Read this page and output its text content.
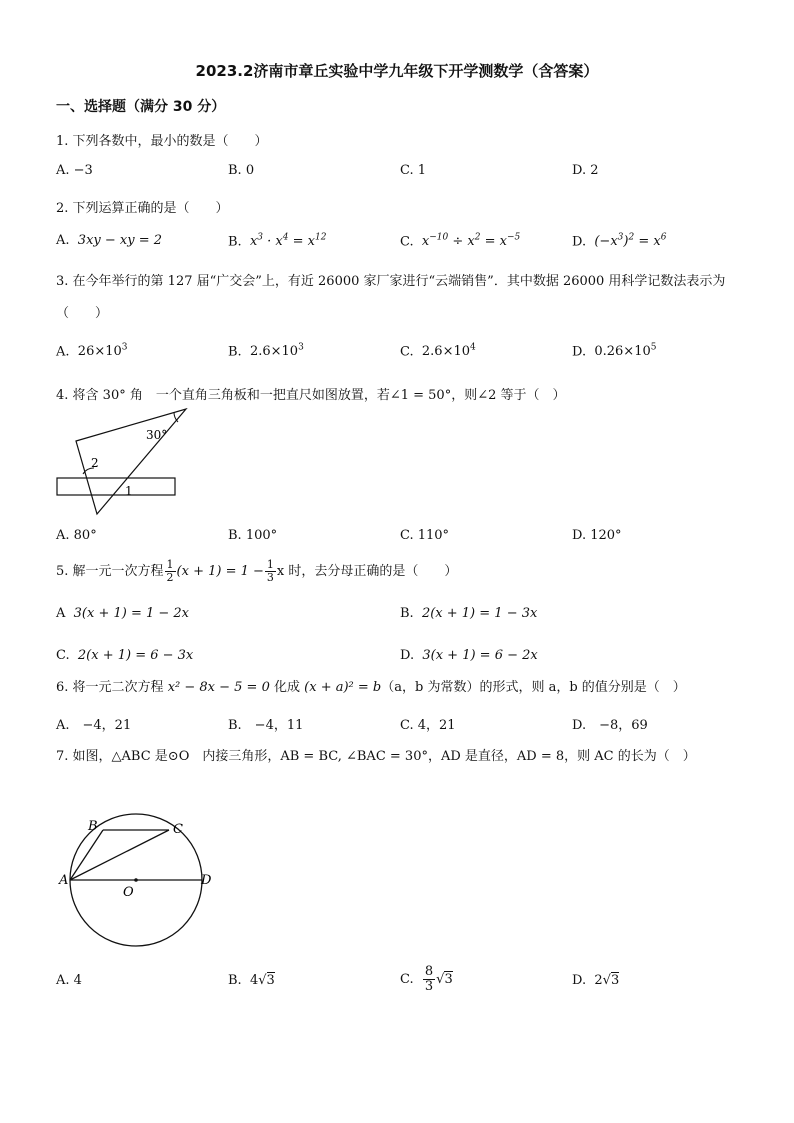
2023.2济南市章丘实验中学九年级下开学测数学（含答案）
一、选择题（满分 30 分）
1. 下列各数中，最小的数是（　　）
A. −3	B. 0	C. 1	D. 2
2. 下列运算正确的是（　　）
A. 3xy − xy = 2	B. $x^3 \cdot x^4 = x^{12}$	C. $x^{-10} \div x^2 = x^{-5}$	D. $(-x^3)^2 = x^6$
3. 在今年举行的第 127 届“广交会”上，有近 26000 家厂家进行“云端销售”．其中数据 26000 用科学记数法表示为（　　）
A. $26\times 10^3$	B. $2.6\times 10^3$	C. $2.6\times 10^4$	D. $0.26\times 10^5$
4. 将含 30° 角　一个直角三角板和一把直尺如图放置，若∠1 = 50°，则∠2 等于（　）
30°
2
1
A. 80°	B. 100°	C. 110°	D. 120°
5. 解一元一次方程 $\frac{1}{2} (x + 1) = 1 - \frac{1}{3}$ x 时，去分母正确的是（　　）
A 3(x + 1) = 1 − 2x	B. 2(x + 1) = 1 − 3x
C. 2(x + 1) = 6 − 3x	D. 3(x + 1) = 6 − 2x
6. 将一元二次方程 x² − 8x − 5 = 0 化成 (x + a)² = b（a，b 为常数）的形式，则 a，b 的值分别是（　）
A.　−4，21	B.　−4，11	C. 4，21	D.　−8，69
7. 如图，△ABC 是⊙O　内接三角形，AB = BC, ∠BAC = 30°，AD 是直径，AD = 8，则 AC 的长为（　）
A
B	C
D
O
A. 4	B. 4√3	C. $\frac{8}{3} √3$	D. 2√3
